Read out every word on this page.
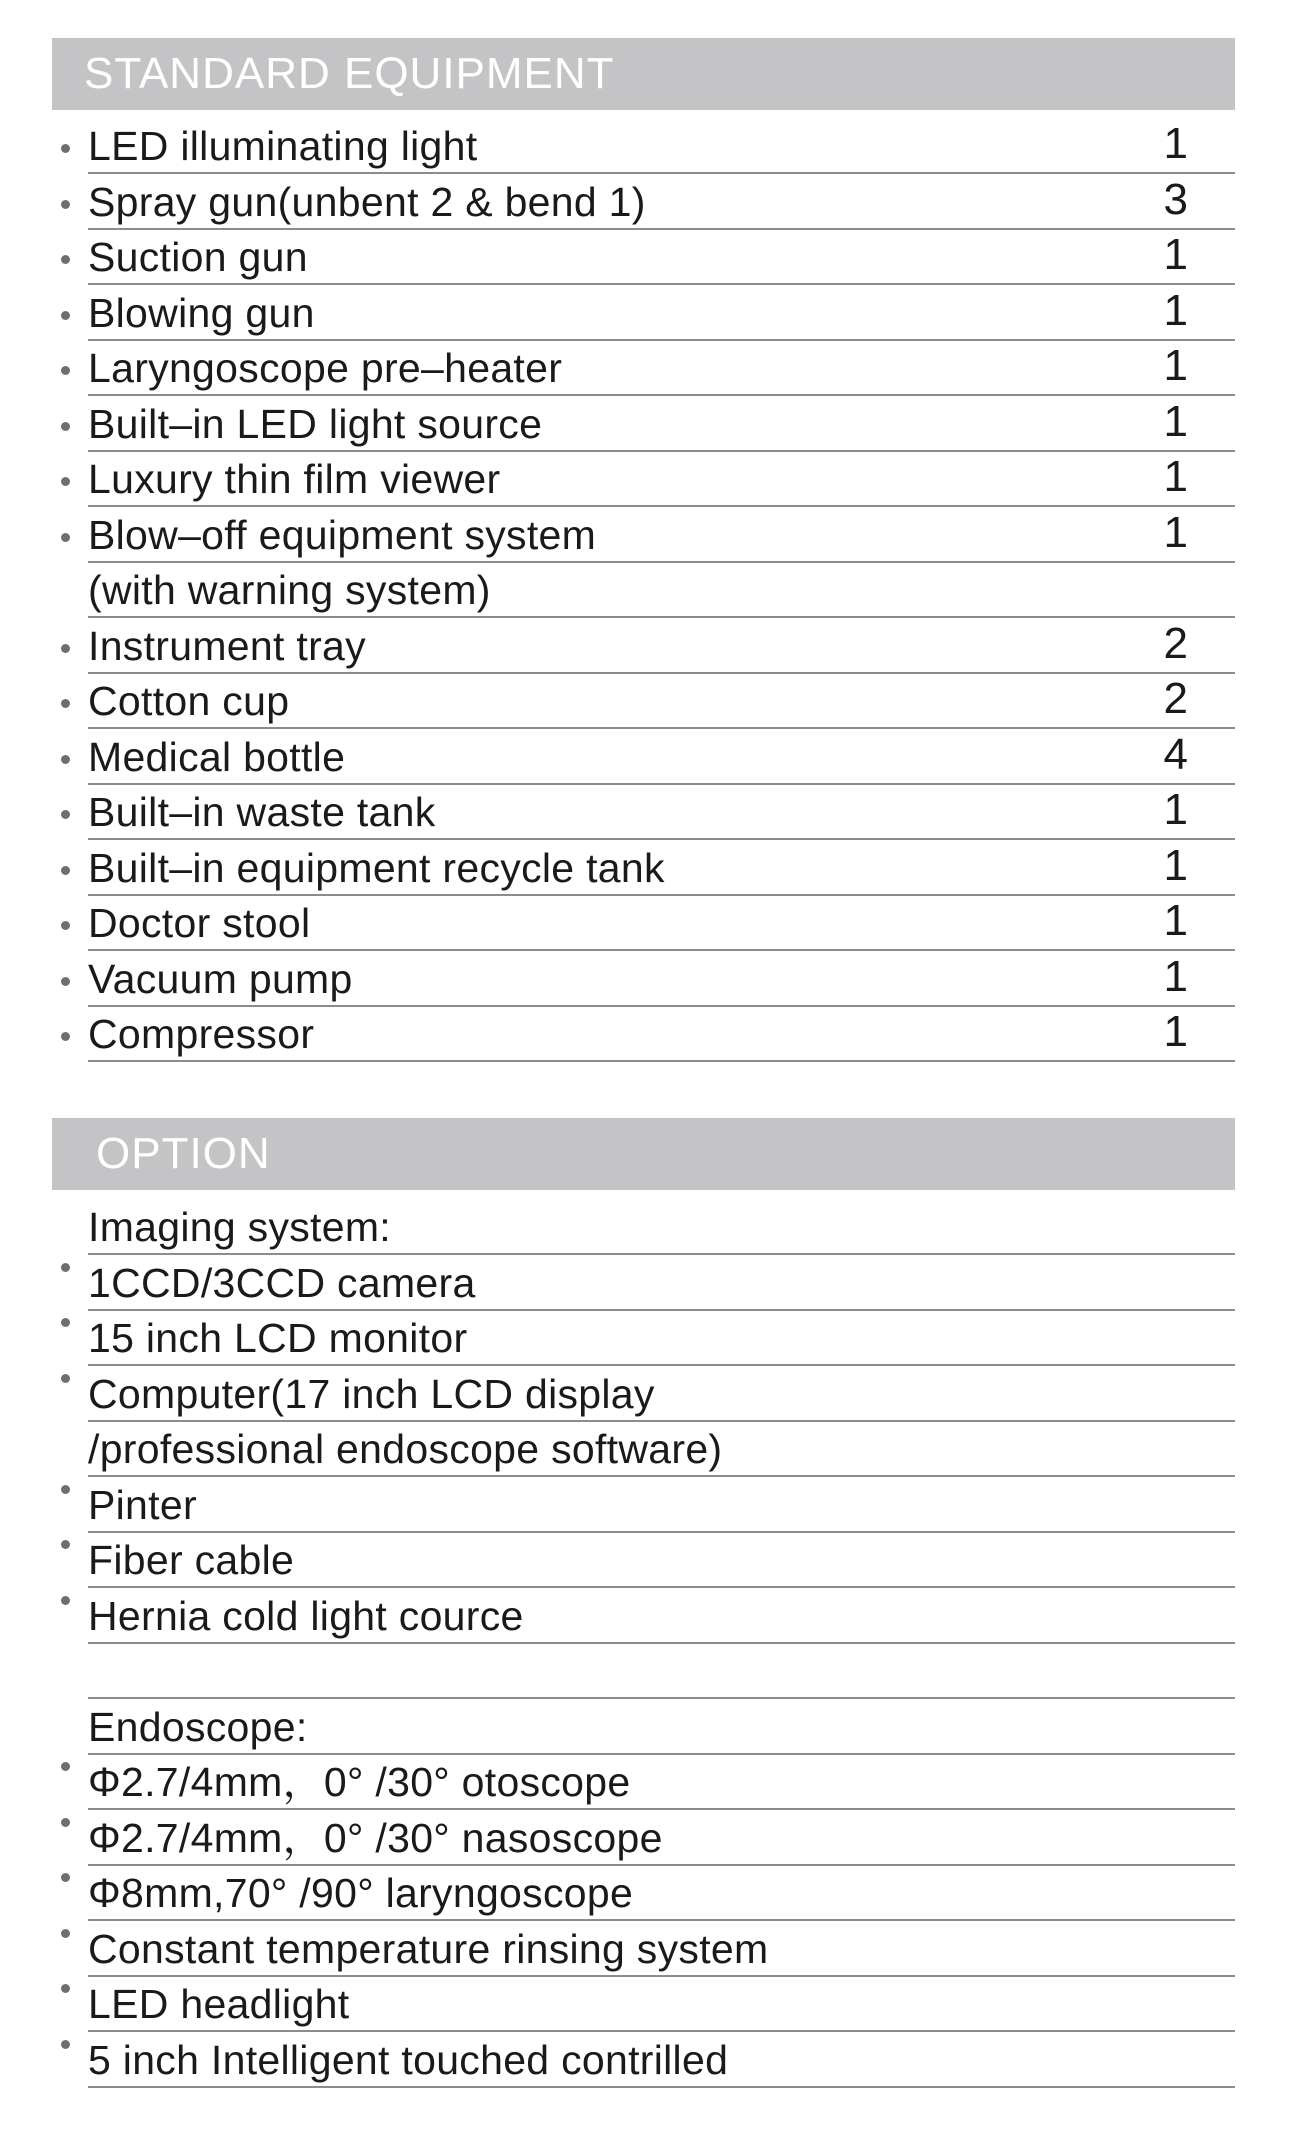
STANDARD EQUIPMENT
LED illuminating light	1
Spray gun(unbent 2 & bend 1)	3
Suction gun	1
Blowing gun	1
Laryngoscope pre–heater	1
Built–in LED light source	1
Luxury thin film viewer	1
Blow–off equipment system	1
(with warning system)
Instrument tray	2
Cotton cup	2
Medical bottle	4
Built–in waste tank	1
Built–in equipment recycle tank	1
Doctor stool	1
Vacuum pump	1
Compressor	1
OPTION
Imaging system:
1CCD/3CCD camera
15 inch LCD monitor
Computer(17 inch LCD display
/professional endoscope software)
Pinter
Fiber cable
Hernia cold light cource
Endoscope:
Φ2.7/4mm，0° /30° otoscope
Φ2.7/4mm，0° /30° nasoscope
Φ8mm,70° /90° laryngoscope
Constant temperature rinsing system
LED headlight
5 inch Intelligent touched contrilled
